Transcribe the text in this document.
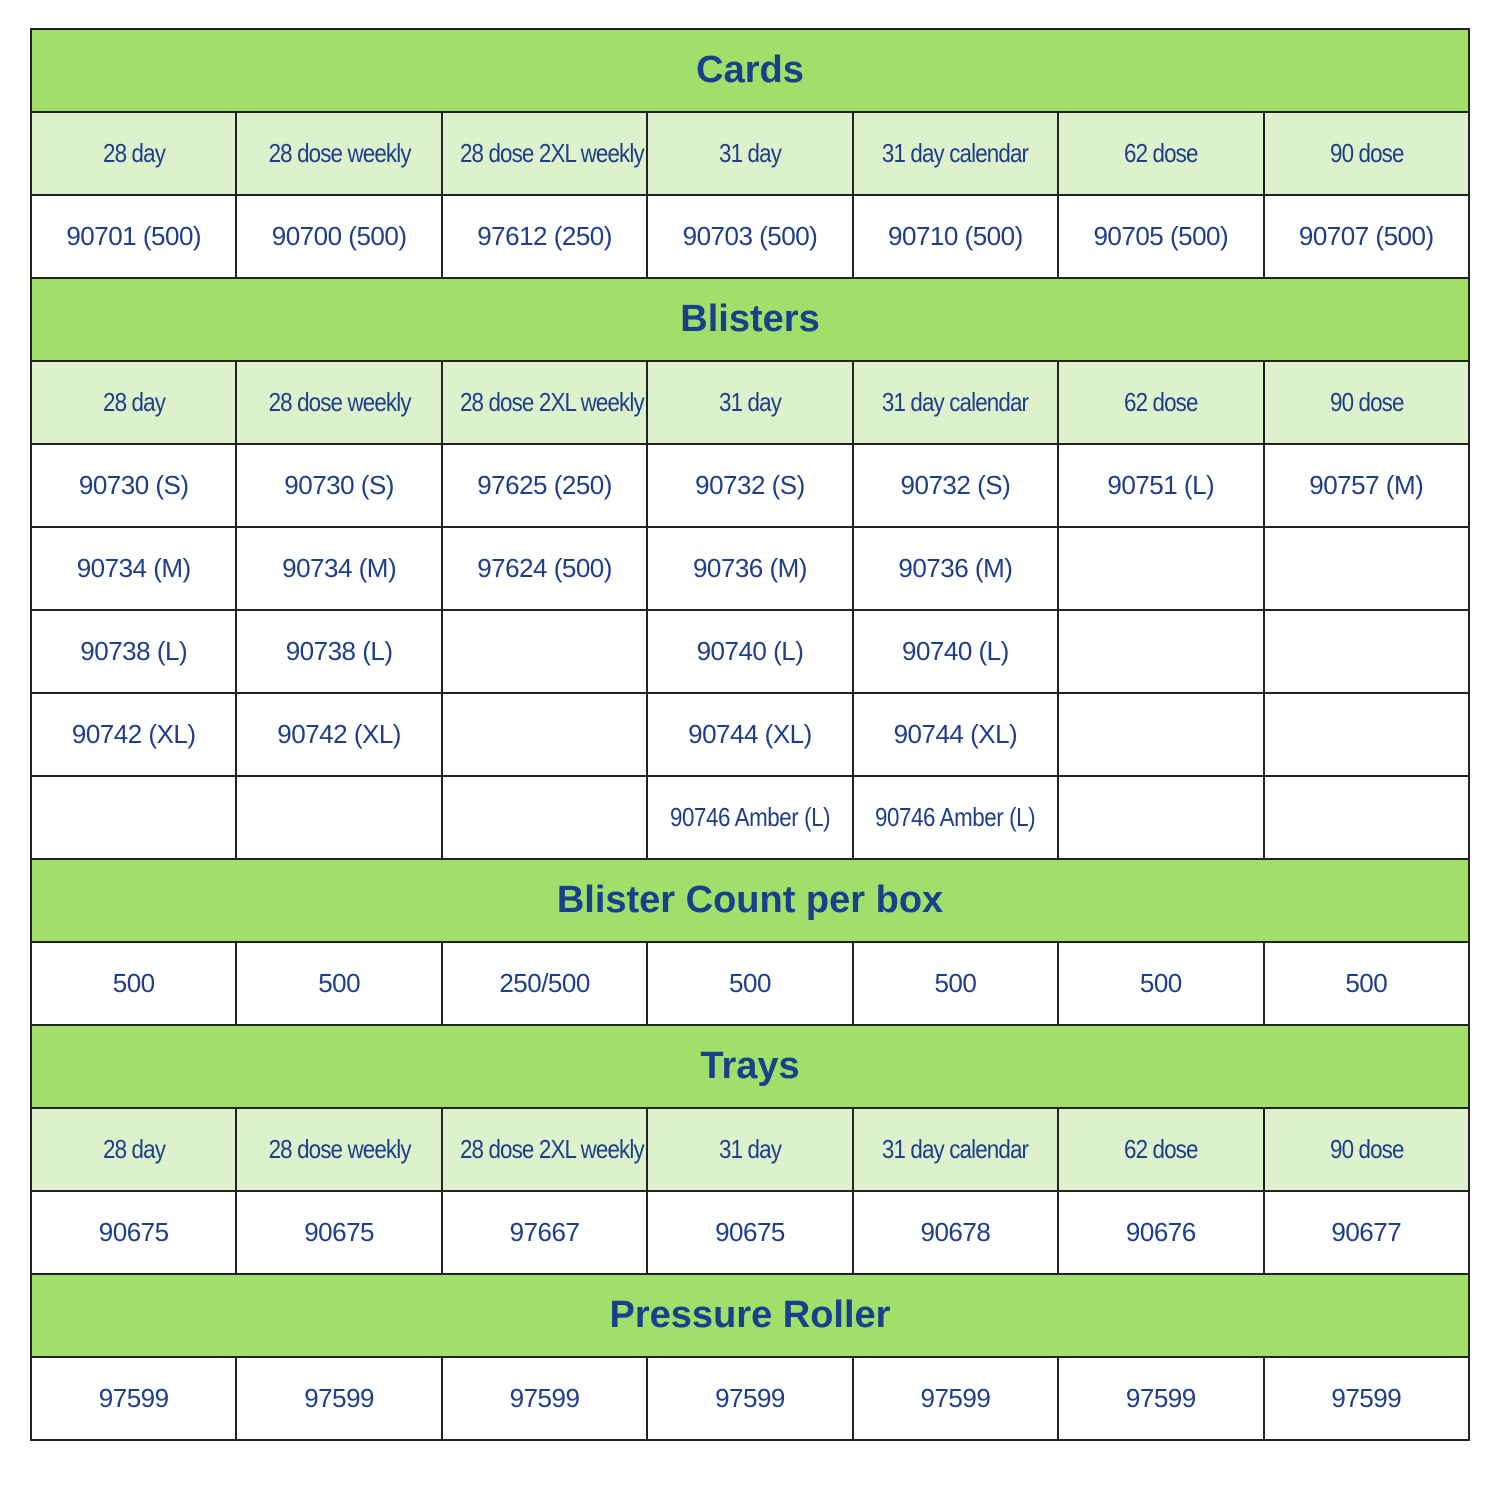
Cards						
28 day	28 dose weekly	28 dose 2XL weekly	31 day	31 day calendar	62 dose	90 dose
90701 (500)	90700 (500)	97612 (250)	90703 (500)	90710 (500)	90705 (500)	90707 (500)
Blisters						
28 day	28 dose weekly	28 dose 2XL weekly	31 day	31 day calendar	62 dose	90 dose
90730 (S)	90730 (S)	97625 (250)	90732 (S)	90732 (S)	90751 (L)	90757 (M)
90734 (M)	90734 (M)	97624 (500)	90736 (M)	90736 (M)		
90738 (L)	90738 (L)		90740 (L)	90740 (L)		
90742 (XL)	90742 (XL)		90744 (XL)	90744 (XL)		
			90746 Amber (L)	90746 Amber (L)		
Blister Count per box						
500	500	250/500	500	500	500	500
Trays						
28 day	28 dose weekly	28 dose 2XL weekly	31 day	31 day calendar	62 dose	90 dose
90675	90675	97667	90675	90678	90676	90677
Pressure Roller						
97599	97599	97599	97599	97599	97599	97599
